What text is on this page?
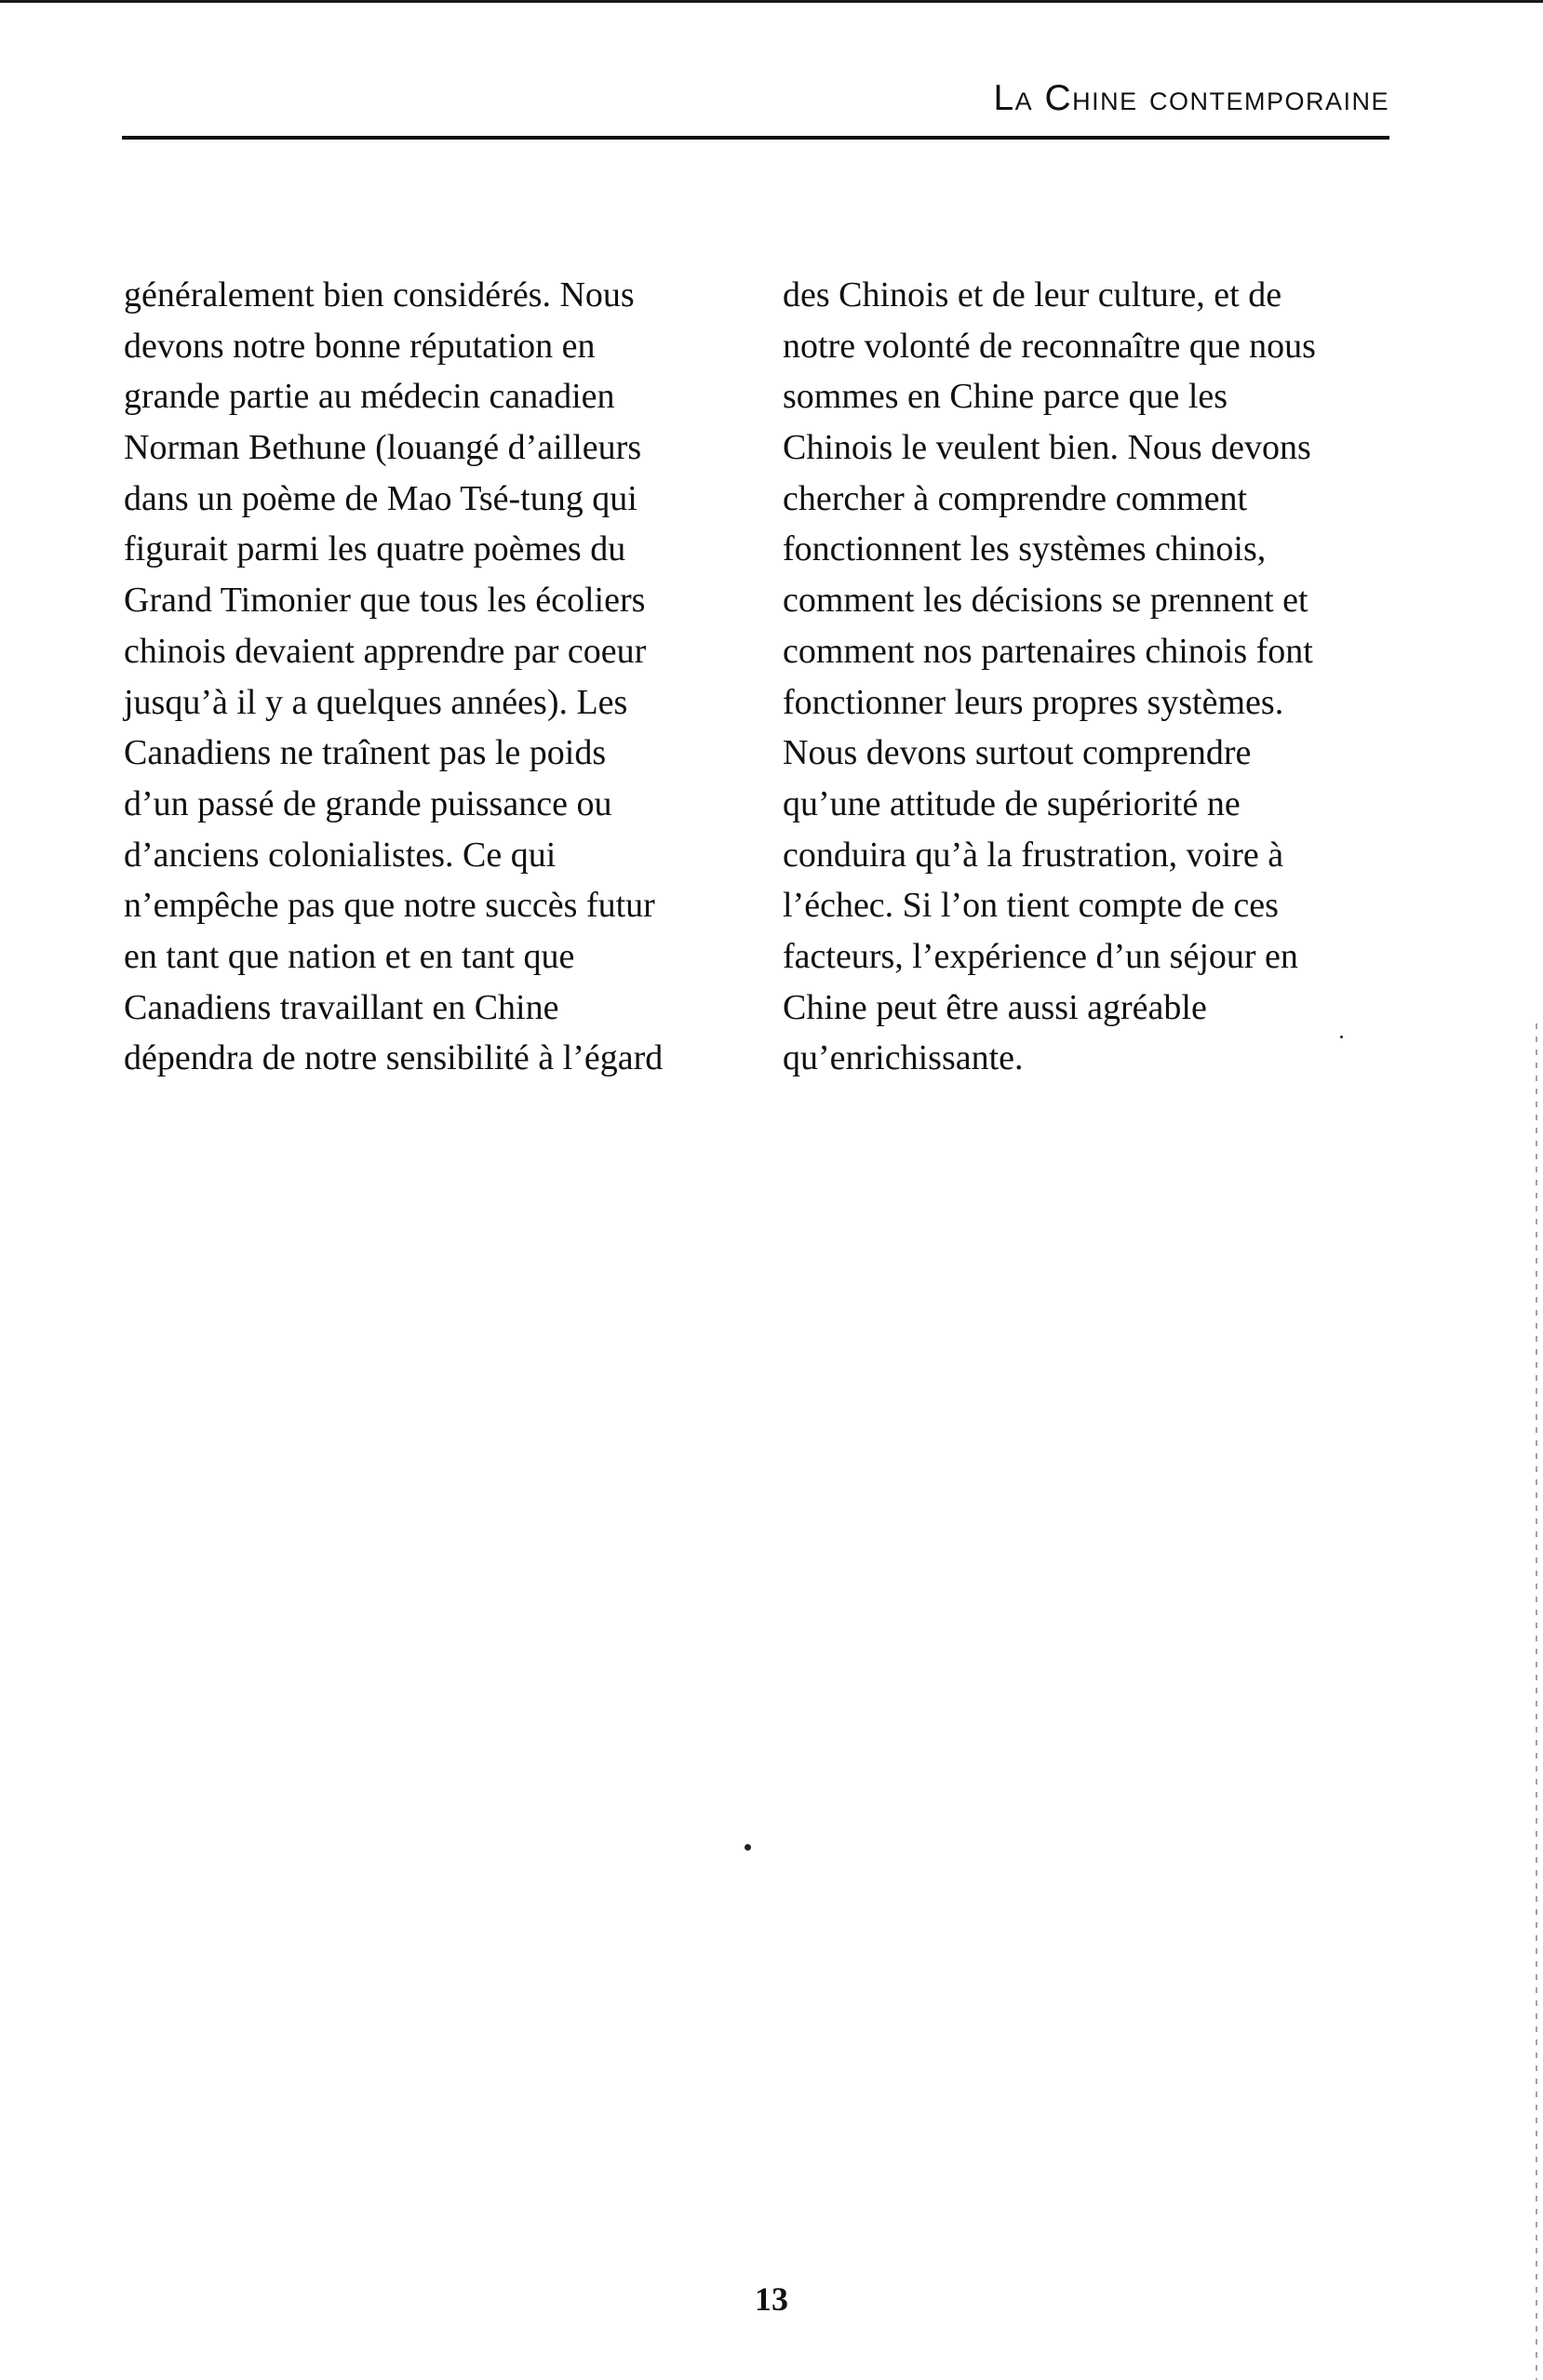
La Chine contemporaine
généralement bien considérés. Nous
devons notre bonne réputation en
grande partie au médecin canadien
Norman Bethune (louangé d’ailleurs
dans un poème de Mao Tsé-tung qui
figurait parmi les quatre poèmes du
Grand Timonier que tous les écoliers
chinois devaient apprendre par coeur
jusqu’à il y a quelques années). Les
Canadiens ne traînent pas le poids
d’un passé de grande puissance ou
d’anciens colonialistes. Ce qui
n’empêche pas que notre succès futur
en tant que nation et en tant que
Canadiens travaillant en Chine
dépendra de notre sensibilité à l’égard
des Chinois et de leur culture, et de
notre volonté de reconnaître que nous
sommes en Chine parce que les
Chinois le veulent bien. Nous devons
chercher à comprendre comment
fonctionnent les systèmes chinois,
comment les décisions se prennent et
comment nos partenaires chinois font
fonctionner leurs propres systèmes.
Nous devons surtout comprendre
qu’une attitude de supériorité ne
conduira qu’à la frustration, voire à
l’échec. Si l’on tient compte de ces
facteurs, l’expérience d’un séjour en
Chine peut être aussi agréable
qu’enrichissante.
13
